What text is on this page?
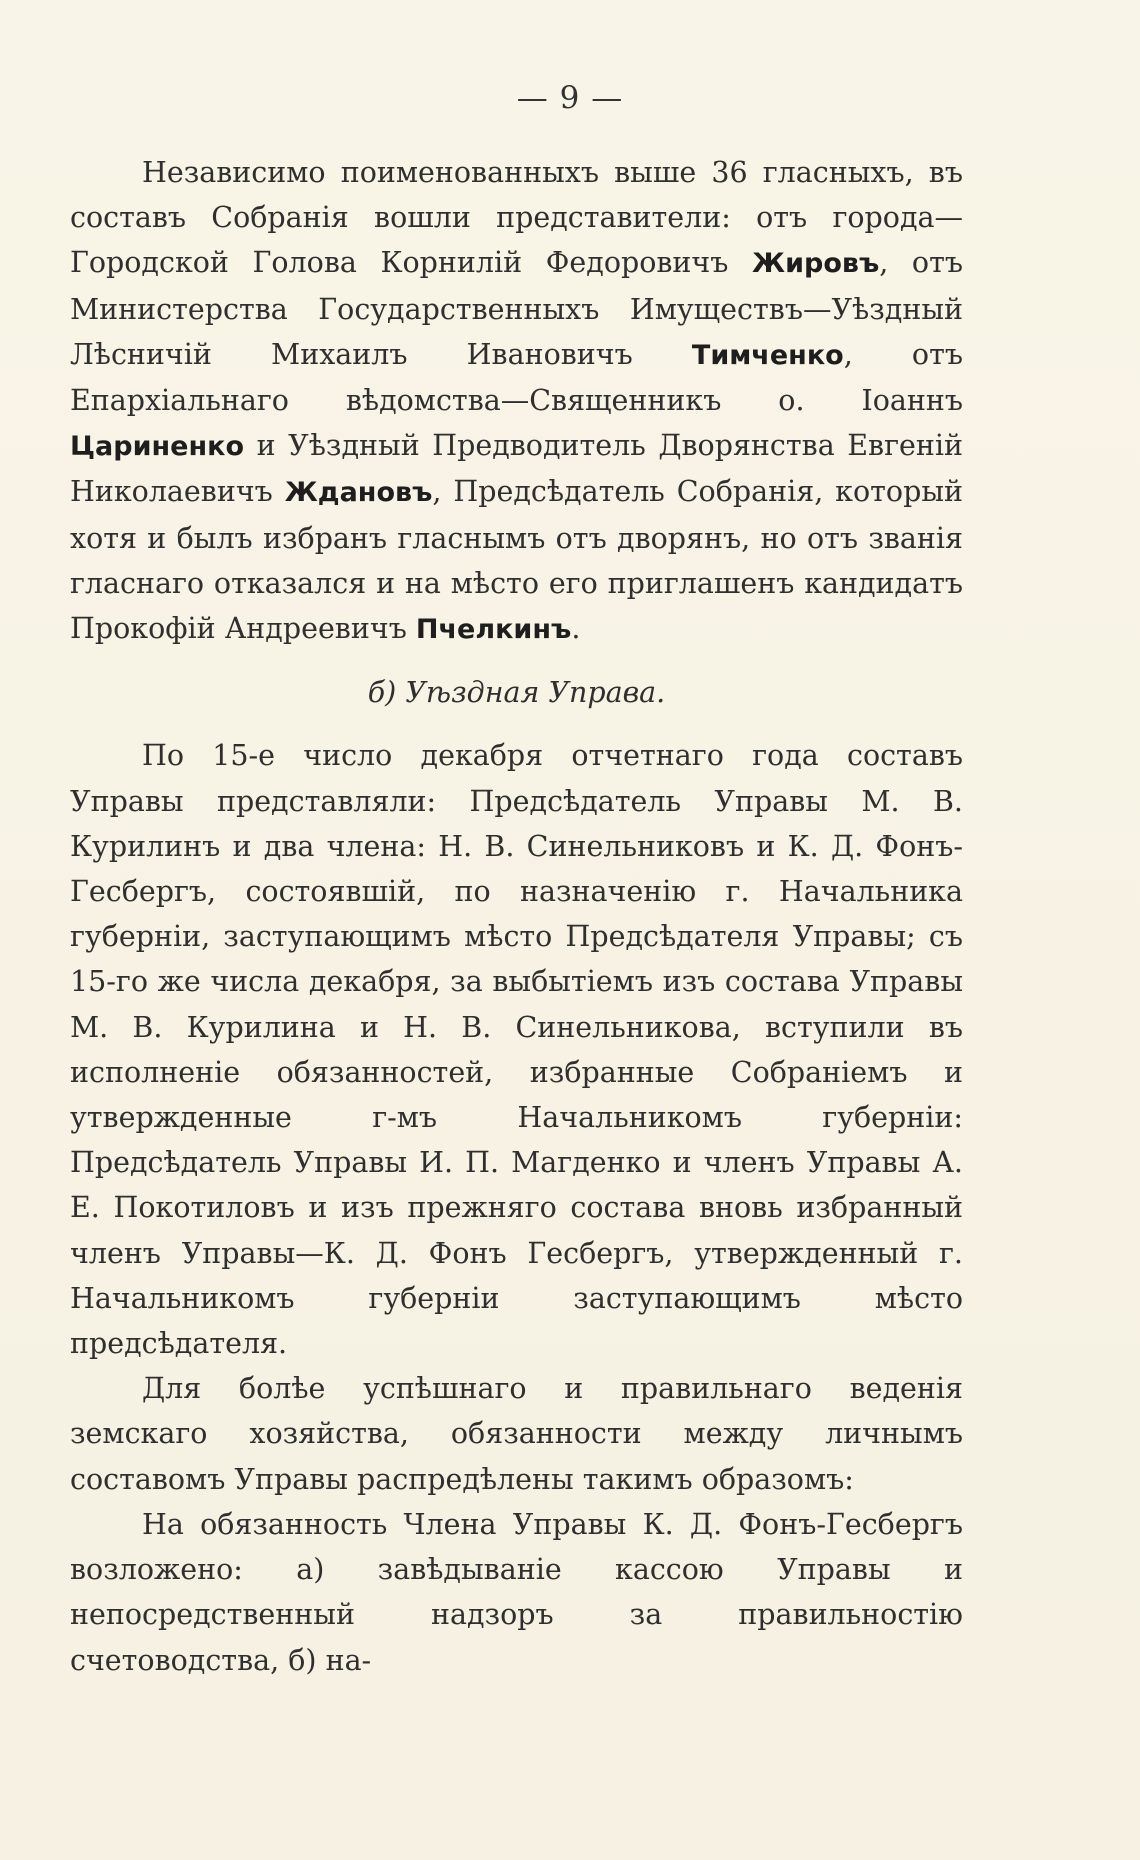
— 9 —

Независимо поименованныхъ выше 36 гласныхъ, въ составъ Собранія вошли представители: отъ города—Городской Голова Корнилій Федоровичъ Жировъ, отъ Министерства Государственныхъ Имуществъ—Уѣздный Лѣсничій Михаилъ Ивановичъ Тимченко, отъ Епархіальнаго вѣдомства—Священникъ о. Іоаннъ Цариненко и Уѣздный Предводитель Дворянства Евгеній Николаевичъ Ждановъ, Предсѣдатель Собранія, который хотя и былъ избранъ гласнымъ отъ дворянъ, но отъ званія гласнаго отказался и на мѣсто его приглашенъ кандидатъ Прокофій Андреевичъ Пчелкинъ.

б) Уѣздная Управа.

По 15-е число декабря отчетнаго года составъ Управы представляли: Предсѣдатель Управы М. В. Курилинъ и два члена: Н. В. Синельниковъ и К. Д. Фонъ-Гесбергъ, состоявшій, по назначенію г. Начальника губерніи, заступающимъ мѣсто Предсѣдателя Управы; съ 15-го же числа декабря, за выбытіемъ изъ состава Управы М. В. Курилина и Н. В. Синельникова, вступили въ исполненіе обязанностей, избранные Собраніемъ и утвержденные г-мъ Начальникомъ губерніи: Предсѣдатель Управы И. П. Магденко и членъ Управы А. Е. Покотиловъ и изъ прежняго состава вновь избранный членъ Управы—К. Д. Фонъ Гесбергъ, утвержденный г. Начальникомъ губерніи заступающимъ мѣсто предсѣдателя.

Для болѣе успѣшнаго и правильнаго веденія земскаго хозяйства, обязанности между личнымъ составомъ Управы распредѣлены такимъ образомъ:

На обязанность Члена Управы К. Д. Фонъ-Гесбергъ возложено: а) завѣдываніе кассою Управы и непосредственный надзоръ за правильностію счетоводства, б) на-
